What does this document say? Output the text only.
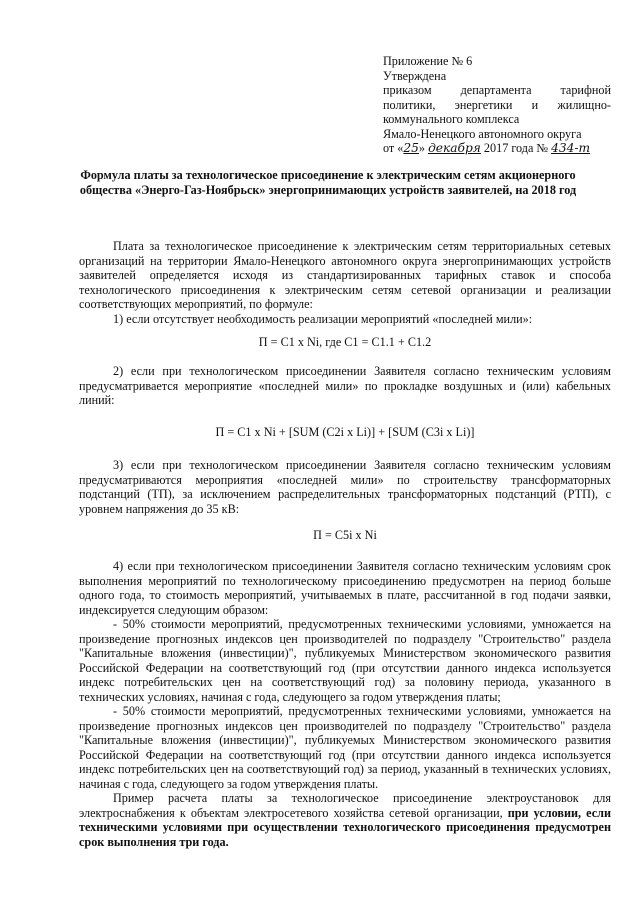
Приложение № 6
Утверждена
приказом департамента тарифной
политики, энергетики и жилищно-
коммунального комплекса
Ямало-Ненецкого автономного округа
от «25» декабря 2017 года № 434-т
Формула платы за технологическое присоединение к электрическим сетям акционерного общества «Энерго-Газ-Ноябрьск» энергопринимающих устройств заявителей, на 2018 год

Плата за технологическое присоединение к электрическим сетям территориальных сетевых организаций на территории Ямало-Ненецкого автономного округа энергопринимающих устройств заявителей определяется исходя из стандартизированных тарифных ставок и способа технологического присоединения к электрическим сетям сетевой организации и реализации соответствующих мероприятий, по формуле:

1) если отсутствует необходимость реализации мероприятий «последней мили»:

П = С1 х Ni, где С1 = С1.1 + С1.2

2) если при технологическом присоединении Заявителя согласно техническим условиям предусматривается мероприятие «последней мили» по прокладке воздушных и (или) кабельных линий:

П = С1 х Ni + [SUM (C2i x Li)] + [SUM (C3i x Li)]

3) если при технологическом присоединении Заявителя согласно техническим условиям предусматриваются мероприятия «последней мили» по строительству трансформаторных подстанций (ТП), за исключением распределительных трансформаторных подстанций (РТП), с уровнем напряжения до 35 кВ:

П = C5i x Ni

4) если при технологическом присоединении Заявителя согласно техническим условиям срок выполнения мероприятий по технологическому присоединению предусмотрен на период больше одного года, то стоимость мероприятий, учитываемых в плате, рассчитанной в год подачи заявки, индексируется следующим образом:

- 50% стоимости мероприятий, предусмотренных техническими условиями, умножается на произведение прогнозных индексов цен производителей по подразделу "Строительство" раздела "Капитальные вложения (инвестиции)", публикуемых Министерством экономического развития Российской Федерации на соответствующий год (при отсутствии данного индекса используется индекс потребительских цен на соответствующий год) за половину периода, указанного в технических условиях, начиная с года, следующего за годом утверждения платы;

- 50% стоимости мероприятий, предусмотренных техническими условиями, умножается на произведение прогнозных индексов цен производителей по подразделу "Строительство" раздела "Капитальные вложения (инвестиции)", публикуемых Министерством экономического развития Российской Федерации на соответствующий год (при отсутствии данного индекса используется индекс потребительских цен на соответствующий год) за период, указанный в технических условиях, начиная с года, следующего за годом утверждения платы.

Пример расчета платы за технологическое присоединение электроустановок для электроснабжения к объектам электросетевого хозяйства сетевой организации, при условии, если техническими условиями при осуществлении технологического присоединения предусмотрен срок выполнения три года.
